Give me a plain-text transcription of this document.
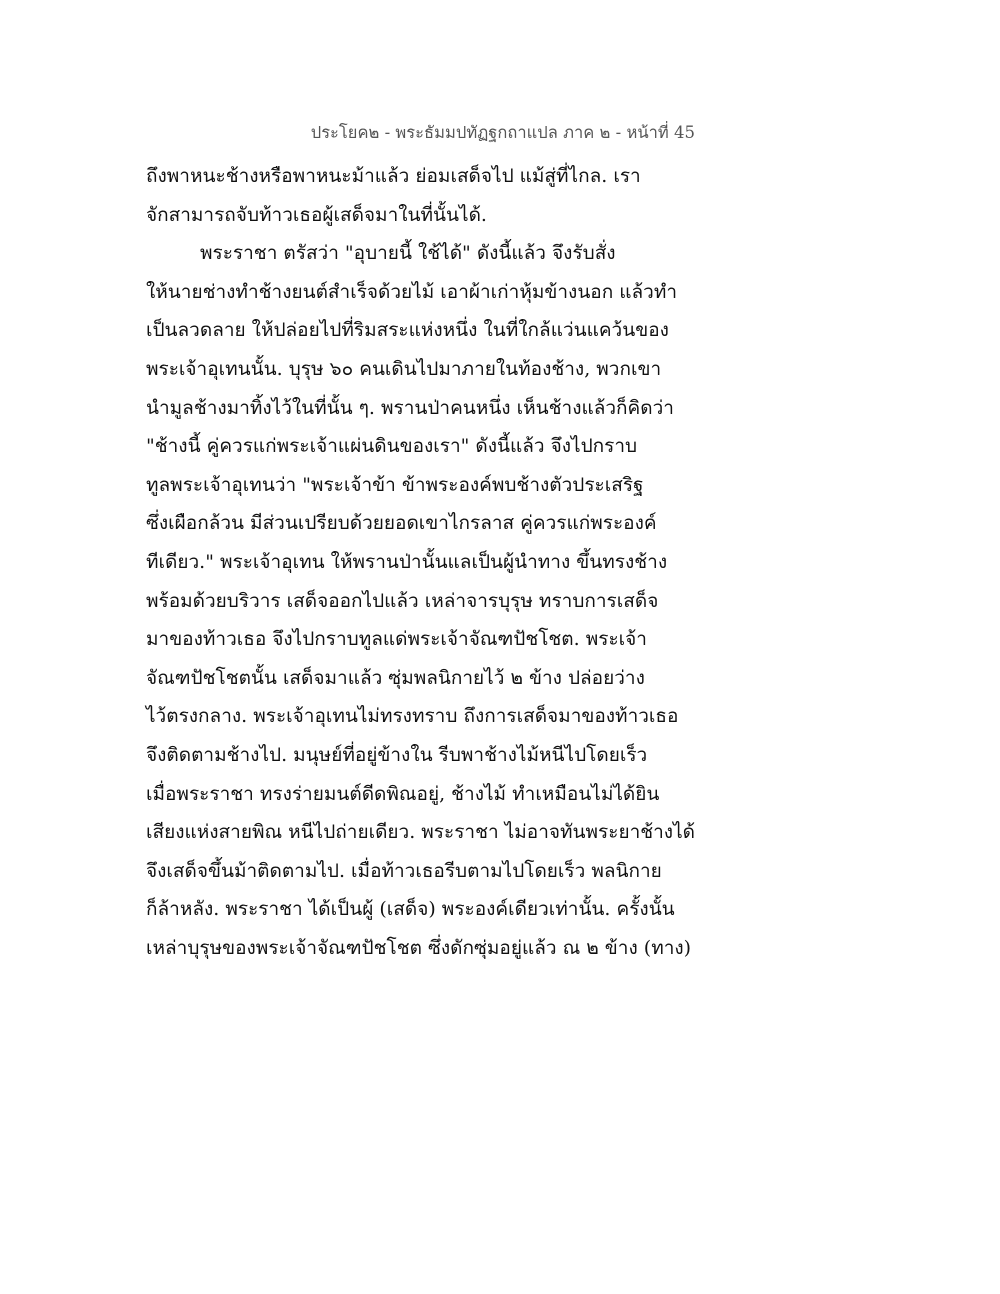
ประโยค๒ - พระธัมมปทัฏฐกถาแปล ภาค ๒ - หน้าที่ 45
ถึงพาหนะช้างหรือพาหนะม้าแล้ว ย่อมเสด็จไป แม้สู่ที่ไกล. เรา
จักสามารถจับท้าวเธอผู้เสด็จมาในที่นั้นได้.
พระราชา ตรัสว่า "อุบายนี้ ใช้ได้" ดังนี้แล้ว จึงรับสั่ง
ให้นายช่างทำช้างยนต์สำเร็จด้วยไม้ เอาผ้าเก่าหุ้มข้างนอก แล้วทำ
เป็นลวดลาย ให้ปล่อยไปที่ริมสระแห่งหนึ่ง ในที่ใกล้แว่นแคว้นของ
พระเจ้าอุเทนนั้น. บุรุษ ๖๐ คนเดินไปมาภายในท้องช้าง, พวกเขา
นำมูลช้างมาทิ้งไว้ในที่นั้น ๆ. พรานป่าคนหนึ่ง เห็นช้างแล้วก็คิดว่า
"ช้างนี้ คู่ควรแก่พระเจ้าแผ่นดินของเรา" ดังนี้แล้ว จึงไปกราบ
ทูลพระเจ้าอุเทนว่า "พระเจ้าข้า ข้าพระองค์พบช้างตัวประเสริฐ
ซึ่งเผือกล้วน มีส่วนเปรียบด้วยยอดเขาไกรลาส คู่ควรแก่พระองค์
ทีเดียว." พระเจ้าอุเทน ให้พรานป่านั้นแลเป็นผู้นำทาง ขึ้นทรงช้าง
พร้อมด้วยบริวาร เสด็จออกไปแล้ว เหล่าจารบุรุษ ทราบการเสด็จ
มาของท้าวเธอ จึงไปกราบทูลแด่พระเจ้าจัณฑปัชโชต. พระเจ้า
จัณฑปัชโชตนั้น เสด็จมาแล้ว ซุ่มพลนิกายไว้ ๒ ข้าง ปล่อยว่าง
ไว้ตรงกลาง. พระเจ้าอุเทนไม่ทรงทราบ ถึงการเสด็จมาของท้าวเธอ
จึงติดตามช้างไป. มนุษย์ที่อยู่ข้างใน รีบพาช้างไม้หนีไปโดยเร็ว
เมื่อพระราชา ทรงร่ายมนต์ดีดพิณอยู่, ช้างไม้ ทำเหมือนไม่ได้ยิน
เสียงแห่งสายพิณ หนีไปถ่ายเดียว. พระราชา ไม่อาจทันพระยาช้างได้
จึงเสด็จขึ้นม้าติดตามไป. เมื่อท้าวเธอรีบตามไปโดยเร็ว พลนิกาย
ก็ล้าหลัง. พระราชา ได้เป็นผู้ (เสด็จ) พระองค์เดียวเท่านั้น. ครั้งนั้น
เหล่าบุรุษของพระเจ้าจัณฑปัชโชต ซึ่งดักซุ่มอยู่แล้ว ณ ๒ ข้าง (ทาง)
